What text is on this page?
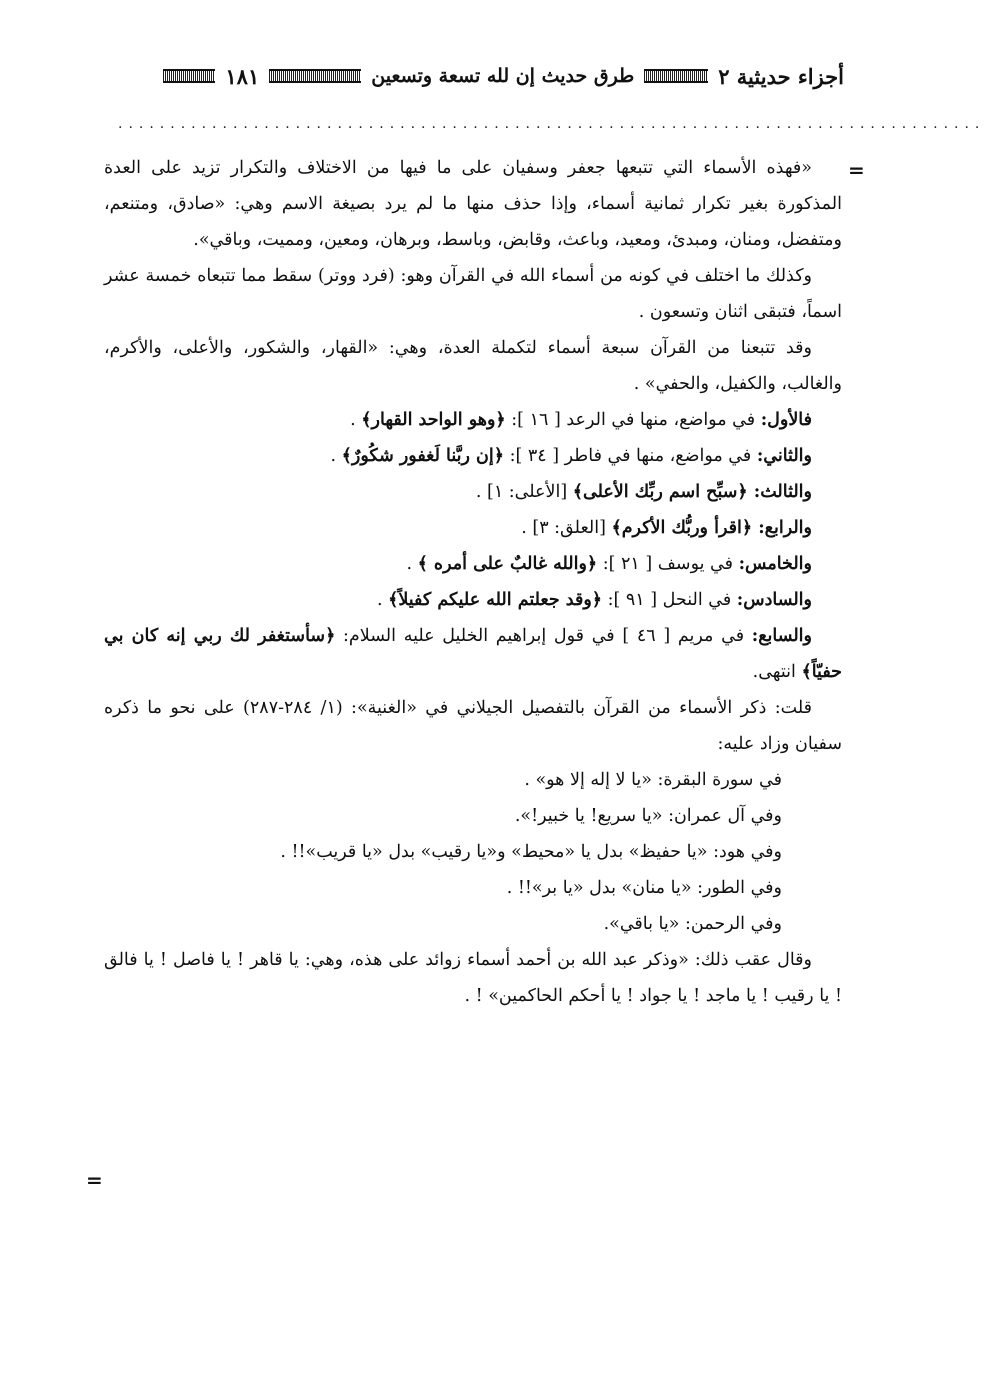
أجزاء حديثية ٢
طرق حديث إن لله تسعة وتسعين
١٨١
...................................................................................
=
=

«فهذه الأسماء التي تتبعها جعفر وسفيان على ما فيها من الاختلاف والتكرار تزيد على العدة المذكورة بغير تكرار ثمانية أسماء، وإذا حذف منها ما لم يرد بصيغة الاسم وهي: «صادق، ومتنعم، ومتفضل، ومنان، ومبدئ، ومعيد، وباعث، وقابض، وباسط، وبرهان، ومعين، ومميت، وباقي».

وكذلك ما اختلف في كونه من أسماء الله في القرآن وهو: (فرد ووتر) سقط مما تتبعاه خمسة عشر اسماً، فتبقى اثنان وتسعون .

وقد تتبعنا من القرآن سبعة أسماء لتكملة العدة، وهي: «القهار، والشكور، والأعلى، والأكرم، والغالب، والكفيل، والحفي» .

فالأول: في مواضع، منها في الرعد [ ١٦ ]: ﴿وهو الواحد القهار﴾ .

والثاني: في مواضع، منها في فاطر [ ٣٤ ]: ﴿إن ربَّنا لَغفور شكُورٌ﴾ .

والثالث: ﴿سبِّح اسم ربِّك الأعلى﴾ [الأعلى: ١] .

والرابع: ﴿اقرأ وربُّك الأكرم﴾ [العلق: ٣] .

والخامس: في يوسف [ ٢١ ]: ﴿والله غالبٌ على أمره ﴾ .

والسادس: في النحل [ ٩١ ]: ﴿وقد جعلتم الله عليكم كفيلاً﴾ .

والسابع: في مريم [ ٤٦ ] في قول إبراهيم الخليل عليه السلام: ﴿سأستغفر لك ربي إنه كان بي حفيّاً﴾ انتهى.

قلت: ذكر الأسماء من القرآن بالتفصيل الجيلاني في «الغنية»: (١/ ٢٨٤-٢٨٧) على نحو ما ذكره سفيان وزاد عليه:

في سورة البقرة: «يا لا إله إلا هو» .

وفي آل عمران: «يا سريع! يا خبير!».

وفي هود: «يا حفيظ» بدل يا «محيط» و«يا رقيب» بدل «يا قريب»!! .

وفي الطور: «يا منان» بدل «يا بر»!! .

وفي الرحمن: «يا باقي».

وقال عقب ذلك: «وذكر عبد الله بن أحمد أسماء زوائد على هذه، وهي: يا قاهر ! يا فاصل ! يا فالق ! يا رقيب ! يا ماجد ! يا جواد ! يا أحكم الحاكمين» ! .
